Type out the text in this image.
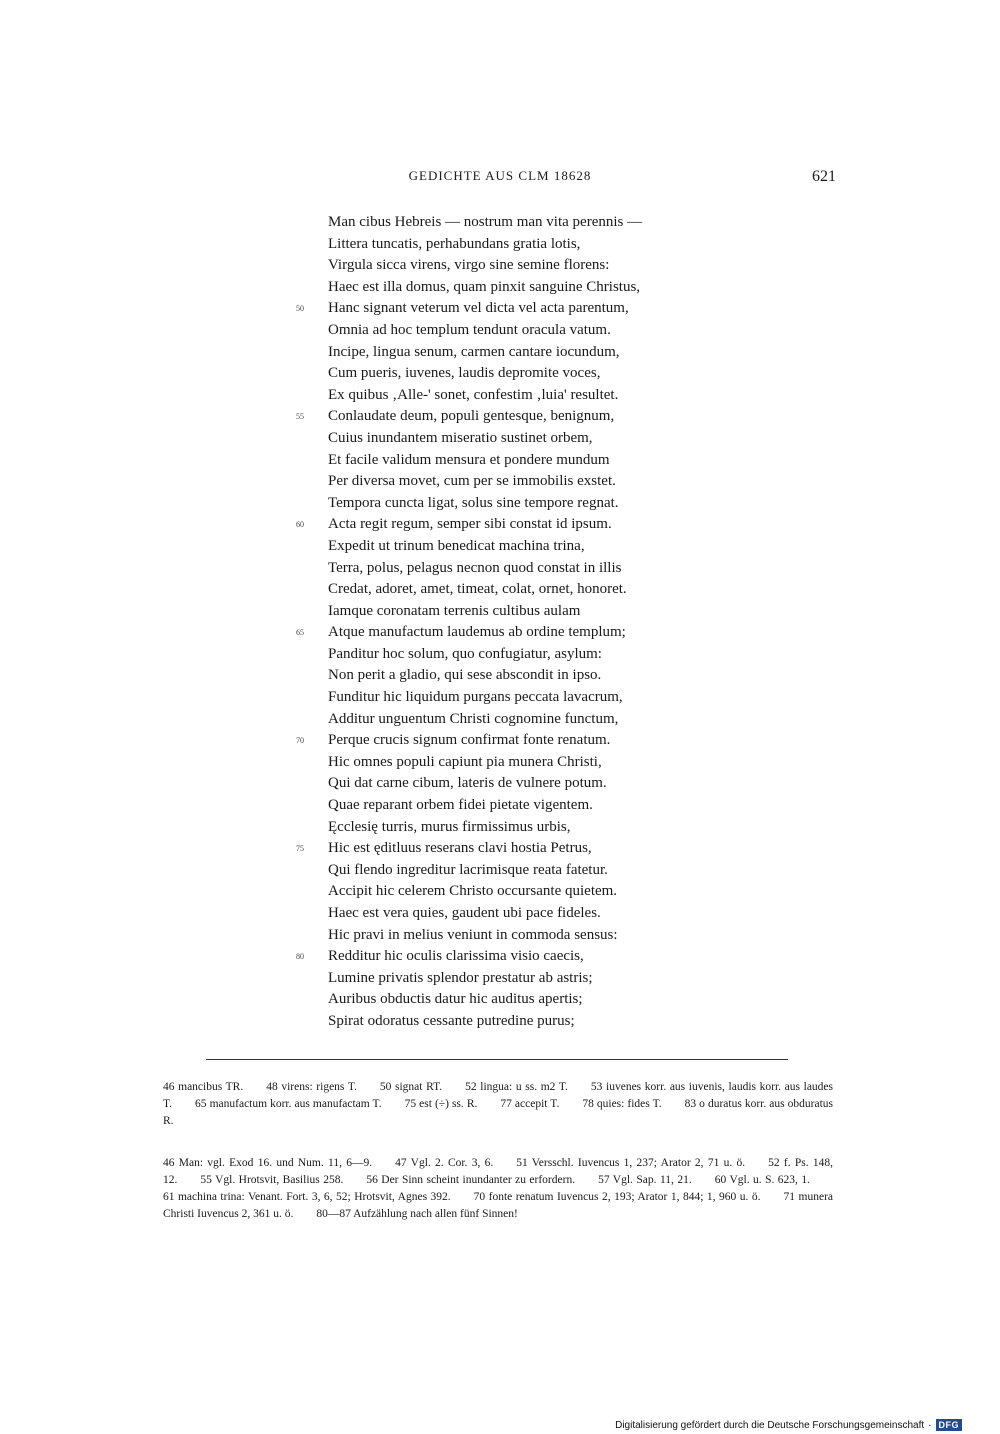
GEDICHTE AUS CLM 18628	621
Man cibus Hebreis — nostrum man vita perennis —
Littera tuncatis, perhabundans gratia lotis,
Virgula sicca virens, virgo sine semine florens:
Haec est illa domus, quam pinxit sanguine Christus,
50	Hanc signant veterum vel dicta vel acta parentum,
Omnia ad hoc templum tendunt oracula vatum.
Incipe, lingua senum, carmen cantare iocundum,
Cum pueris, iuvenes, laudis depromite voces,
Ex quibus ‚Alle-' sonet, confestim ‚luia' resultet.
55	Conlaudate deum, populi gentesque, benignum,
Cuius inundantem miseratio sustinet orbem,
Et facile validum mensura et pondere mundum
Per diversa movet, cum per se immobilis exstet.
Tempora cuncta ligat, solus sine tempore regnat.
60	Acta regit regum, semper sibi constat id ipsum.
Expedit ut trinum benedicat machina trina,
Terra, polus, pelagus necnon quod constat in illis
Credat, adoret, amet, timeat, colat, ornet, honoret.
Iamque coronatam terrenis cultibus aulam
65	Atque manufactum laudemus ab ordine templum;
Panditur hoc solum, quo confugiatur, asylum:
Non perit a gladio, qui sese abscondit in ipso.
Funditur hic liquidum purgans peccata lavacrum,
Additur unguentum Christi cognomine functum,
70	Perque crucis signum confirmat fonte renatum.
Hic omnes populi capiunt pia munera Christi,
Qui dat carne cibum, lateris de vulnere potum.
Quae reparant orbem fidei pietate vigentem.
Ęcclesię turris, murus firmissimus urbis,
75	Hic est ęditluus reserans clavi hostia Petrus,
Qui flendo ingreditur lacrimisque reata fatetur.
Accipit hic celerem Christo occursante quietem.
Haec est vera quies, gaudent ubi pace fideles.
Hic pravi in melius veniunt in commoda sensus:
80	Redditur hic oculis clarissima visio caecis,
Lumine privatis splendor prestatur ab astris;
Auribus obductis datur hic auditus apertis;
Spirat odoratus cessante putredine purus;
46 mancibus TR. 48 virens: rigens T. 50 signat RT. 52 lingua: u ss. m2 T. 53 iuvenes korr. aus iuvenis, laudis korr. aus laudes T. 65 manufactum korr. aus manufactam T. 75 est (÷) ss. R. 77 accepit T. 78 quies: fides T. 83 o duratus korr. aus obduratus R.
46 Man: vgl. Exod 16. und Num. 11, 6—9. 47 Vgl. 2. Cor. 3, 6. 51 Versschl. Iuvencus 1, 237; Arator 2, 71 u. ö. 52 f. Ps. 148, 12. 55 Vgl. Hrotsvit, Basilius 258. 56 Der Sinn scheint inundanter zu erfordern. 57 Vgl. Sap. 11, 21. 60 Vgl. u. S. 623, 1.61 machina trina: Venant. Fort. 3, 6, 52; Hrotsvit, Agnes 392. 70 fonte renatum Iuvencus 2, 193; Arator 1, 844; 1, 960 u. ö. 71 munera Christi Iuvencus 2, 361 u. ö. 80—87 Aufzählung nach allen fünf Sinnen!
Digitalisierung gefördert durch die Deutsche Forschungsgemeinschaft · DFG
